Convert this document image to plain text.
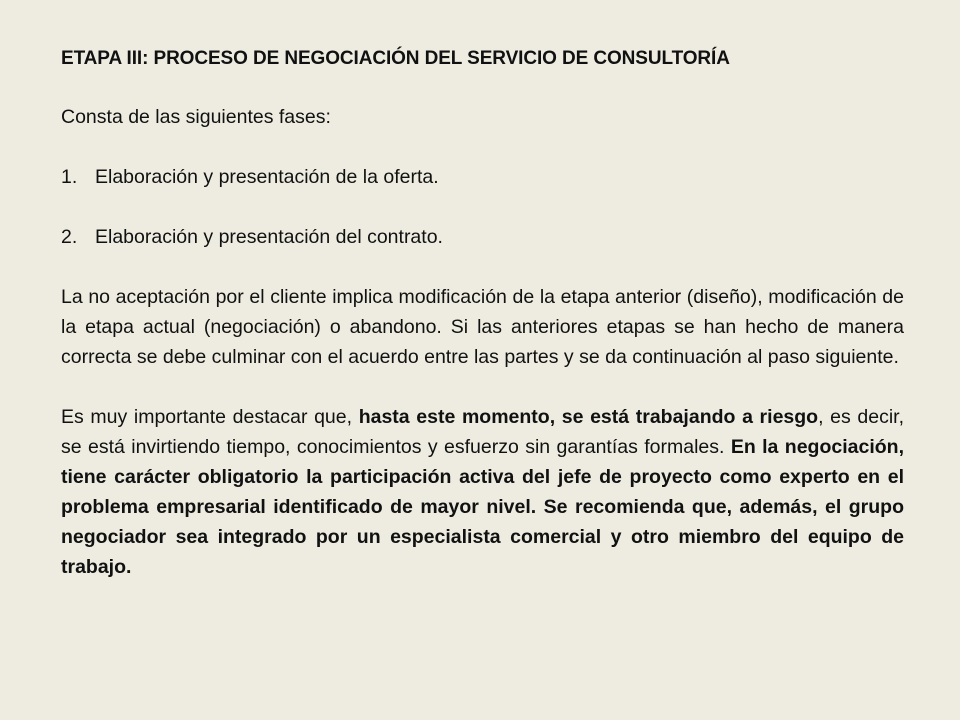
ETAPA III: PROCESO DE NEGOCIACIÓN DEL SERVICIO DE CONSULTORÍA
Consta de las siguientes fases:
1. Elaboración y presentación de la oferta.
2. Elaboración y presentación del contrato.
La no aceptación por el cliente implica modificación de la etapa anterior (diseño), modificación de la etapa actual (negociación) o abandono. Si las anteriores etapas se han hecho de manera correcta se debe culminar con el acuerdo entre las partes y se da continuación al paso siguiente.
Es muy importante destacar que, hasta este momento, se está trabajando a riesgo, es decir, se está invirtiendo tiempo, conocimientos y esfuerzo sin garantías formales. En la negociación, tiene carácter obligatorio la participación activa del jefe de proyecto como experto en el problema empresarial identificado de mayor nivel. Se recomienda que, además, el grupo negociador sea integrado por un especialista comercial y otro miembro del equipo de trabajo.
